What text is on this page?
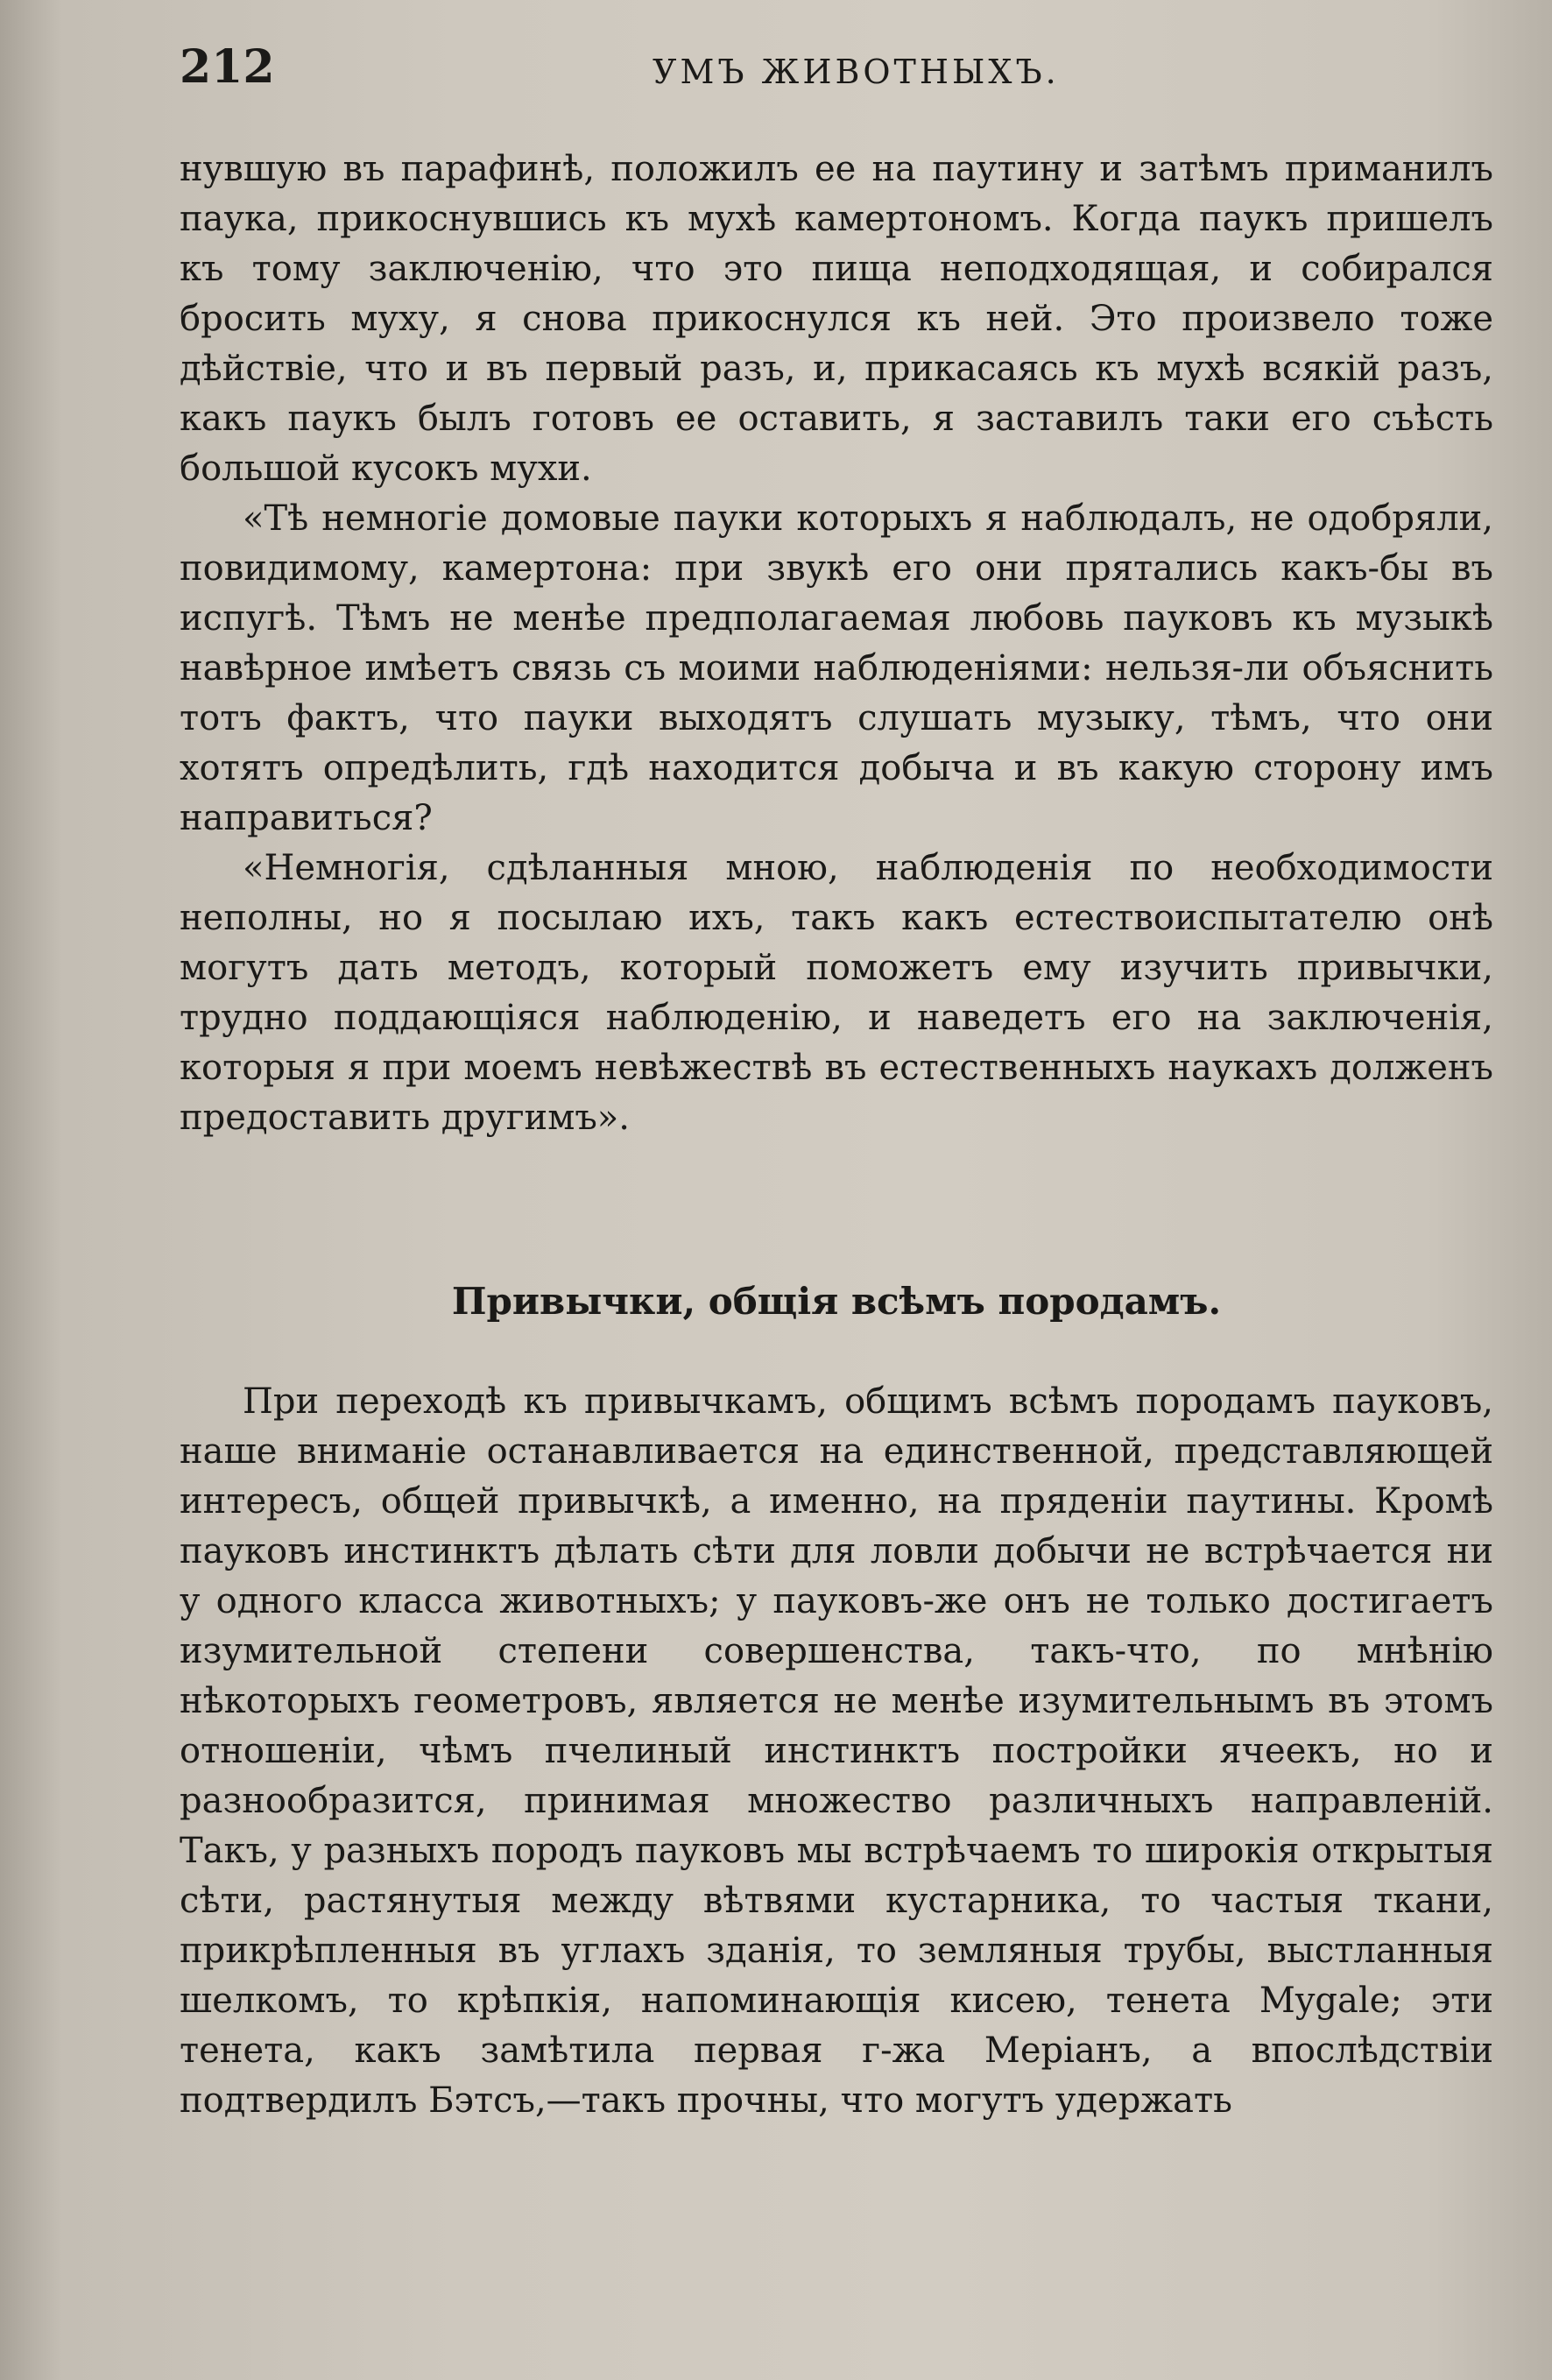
212	УМЪ ЖИВОТНЫХЪ.

нувшую въ парафинѣ, положилъ ее на паутину и затѣмъ приманилъ паука, прикоснувшись къ мухѣ камертономъ. Когда паукъ пришелъ къ тому заключенію, что это пища неподходящая, и собирался бросить муху, я снова прикоснулся къ ней. Это произвело тоже дѣйствіе, что и въ первый разъ, и, прикасаясь къ мухѣ всякій разъ, какъ паукъ былъ готовъ ее оставить, я заставилъ таки его съѣсть большой кусокъ мухи.

«Тѣ немногіе домовые пауки которыхъ я наблюдалъ, не одобряли, повидимому, камертона: при звукѣ его они прятались какъ-бы въ испугѣ. Тѣмъ не менѣе предполагаемая любовь пауковъ къ музыкѣ навѣрное имѣетъ связь съ моими наблюденіями: нельзя-ли объяснить тотъ фактъ, что пауки выходятъ слушать музыку, тѣмъ, что они хотятъ опредѣлить, гдѣ находится добыча и въ какую сторону имъ направиться?

«Немногія, сдѣланныя мною, наблюденія по необходимости неполны, но я посылаю ихъ, такъ какъ естествоиспытателю онѣ могутъ дать методъ, который поможетъ ему изучить привычки, трудно поддающіяся наблюденію, и наведетъ его на заключенія, которыя я при моемъ невѣжествѣ въ естественныхъ наукахъ долженъ предоставить другимъ».

Привычки, общія всѣмъ породамъ.

При переходѣ къ привычкамъ, общимъ всѣмъ породамъ пауковъ, наше вниманіе останавливается на единственной, представляющей интересъ, общей привычкѣ, а именно, на пряденіи паутины. Кромѣ пауковъ инстинктъ дѣлать сѣти для ловли добычи не встрѣчается ни у одного класса животныхъ; у пауковъ-же онъ не только достигаетъ изумительной степени совершенства, такъ-что, по мнѣнію нѣкоторыхъ геометровъ, является не менѣе изумительнымъ въ этомъ отношеніи, чѣмъ пчелиный инстинктъ постройки ячеекъ, но и разнообразится, принимая множество различныхъ направленій. Такъ, у разныхъ породъ пауковъ мы встрѣчаемъ то широкія открытыя сѣти, растянутыя между вѣтвями кустарника, то частыя ткани, прикрѣпленныя въ углахъ зданія, то земляныя трубы, выстланныя шелкомъ, то крѣпкія, напоминающія кисею, тенета Mygale; эти тенета, какъ замѣтила первая г-жа Меріанъ, а впослѣдствіи подтвердилъ Бэтсъ,—такъ прочны, что могутъ удержать
